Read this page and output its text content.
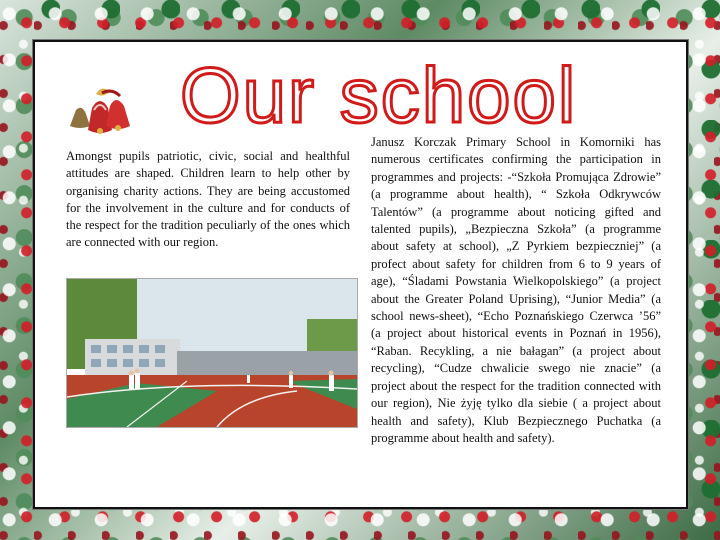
Our school

Amongst pupils patriotic, civic, social and healthful attitudes are shaped. Children learn to help other by organising charity actions. They are being accustomed for the involvement in the culture and for conducts of the respect for the tradition peculiarly of the ones which are connected with our region.

Janusz Korczak Primary School in Komorniki has numerous certificates confirming the participation in programmes and projects: -“Szkoła Promująca Zdrowie” (a programme about health), “ Szkoła Odkrywców Talentów” (a programme about noticing gifted and talented pupils), „Bezpieczna Szkoła” (a programme about safety at school), „Z Pyrkiem bezpieczniej” (a profect about safety for children from 6 to 9 years of age), “Śladami Powstania Wielkopolskiego” (a project about the Greater Poland Uprising), “Junior Media” (a school news-sheet), “Echo Poznańskiego Czerwca ’56” (a project about historical events in Poznań in 1956), “Raban. Recykling, a nie bałagan” (a project about recycling), “Cudze chwalicie swego nie znacie” (a project about the respect for the tradition connected with our region), Nie żyję tylko dla siebie ( a project about health and safety), Klub Bezpiecznego Puchatka (a programme about health and safety).
